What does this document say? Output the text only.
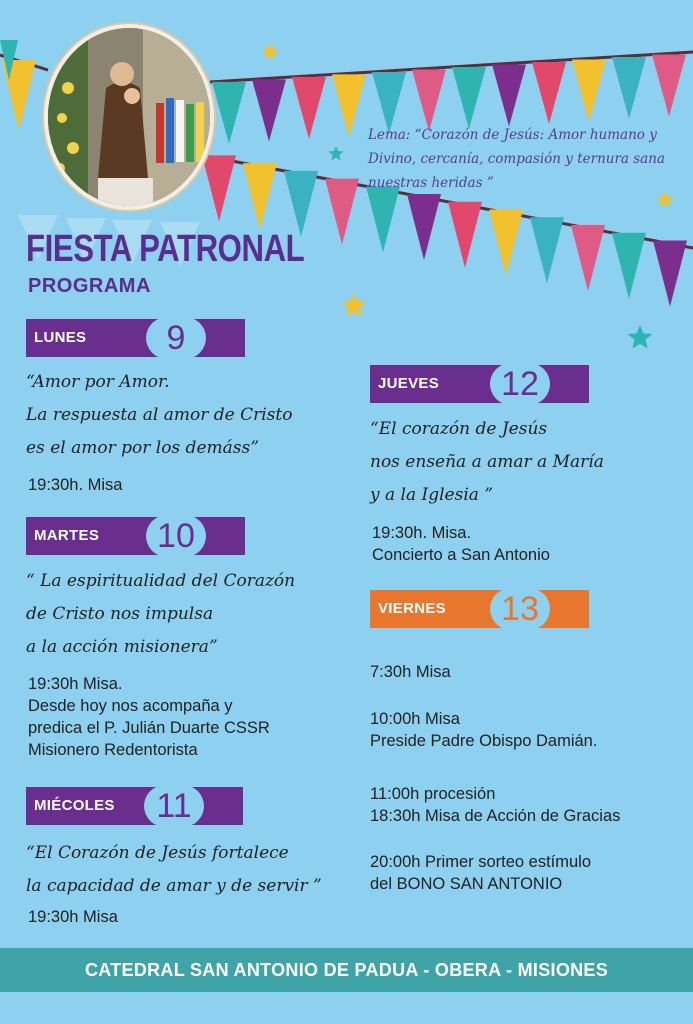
Lema: “Corazón de Jesús: Amor humano y Divino, cercanía, compasión y ternura sana nuestras heridas ”
FIESTA PATRONAL
PROGRAMA
LUNES	9
“Amor por Amor.
La respuesta al amor de Cristo
es el amor por los demáss”
19:30h. Misa
MARTES	10
“ La espiritualidad del Corazón
de Cristo nos impulsa
a la acción misionera”
19:30h Misa.
Desde hoy nos acompaña y
predica el P. Julián Duarte CSSR
Misionero Redentorista
MIÉCOLES	11
“El Corazón de Jesús fortalece
la capacidad de amar y de servir ”
19:30h Misa
JUEVES	12
“El corazón de Jesús
nos enseña a amar a María
y a la Iglesia ”
19:30h. Misa.
Concierto a San Antonio
VIERNES	13
7:30h Misa
10:00h Misa
Preside Padre Obispo Damián.
11:00h procesión
18:30h Misa de Acción de Gracias
20:00h Primer sorteo estímulo
del BONO SAN ANTONIO
CATEDRAL SAN ANTONIO DE PADUA - OBERA - MISIONES
